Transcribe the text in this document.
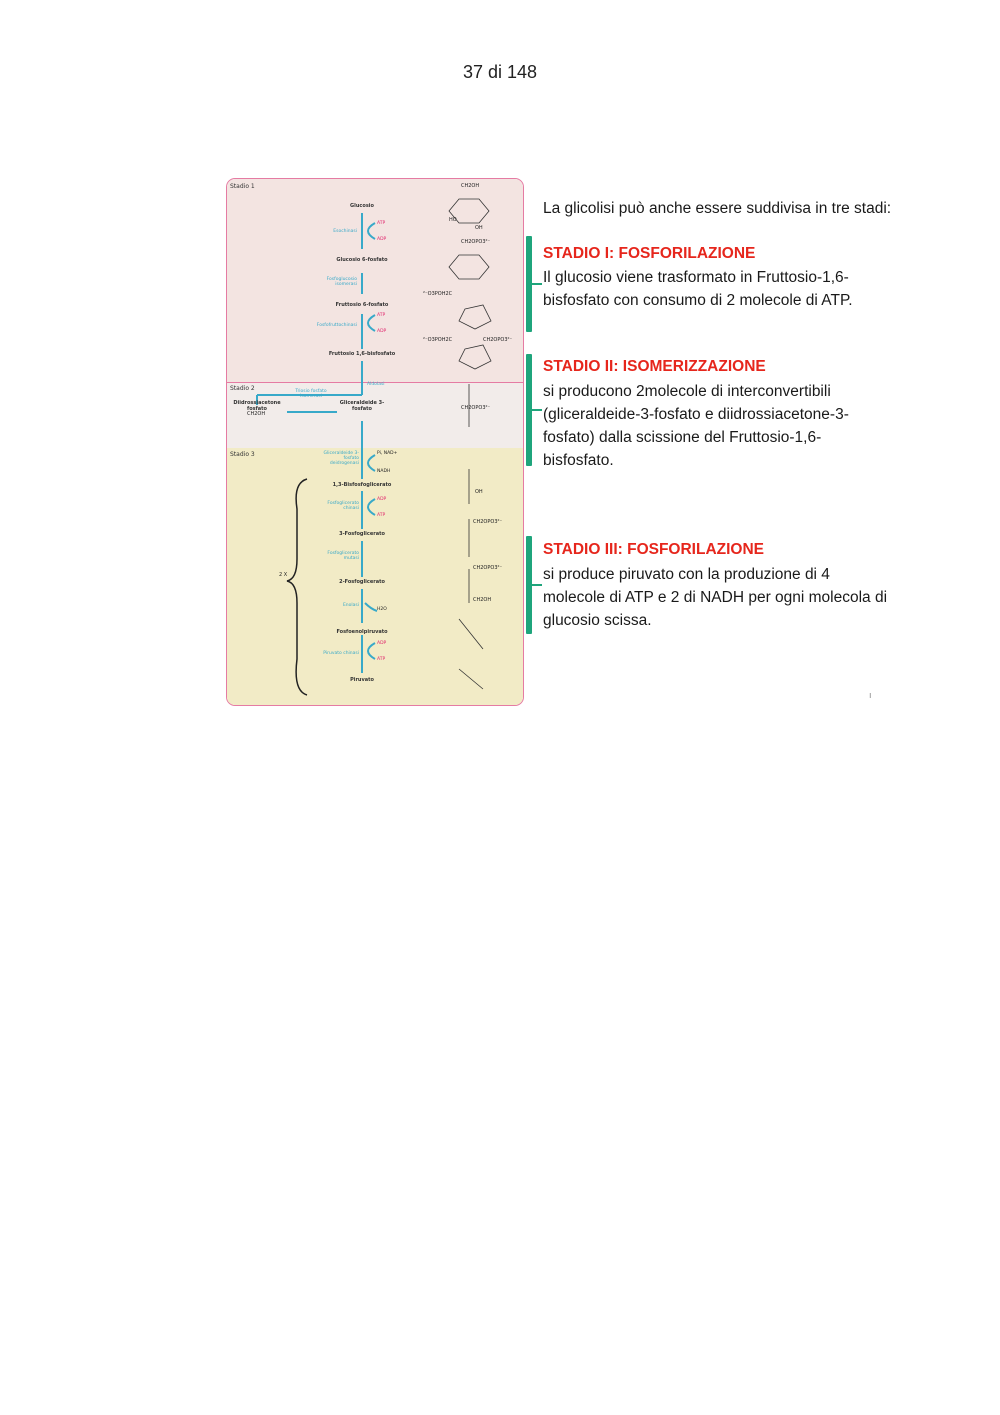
37 di 148
Stadio 1
Stadio 2
Stadio 3
Glucosio
Glucosio 6-fosfato
Fruttosio 6-fosfato
Fruttosio 1,6-bisfosfato
Diidrossiacetone fosfato
Gliceraldeide 3-fosfato
1,3-Bisfosfoglicerato
3-Fosfoglicerato
2-Fosfoglicerato
Fosfoenolpiruvato
Piruvato
Esochinasi
Fosfoglucosio isomerasi
Fosfofruttochinasi
Aldolasi
Triosio fosfato isomerasi
Gliceraldeide 3-fosfato deidrogenasi
Fosfoglicerato chinasi
Fosfoglicerato mutasi
Enolasi
Piruvato chinasi
ATP
ADP
ATP
ADP
Pi, NAD+
NADH
ADP
ATP
H2O
ADP
ATP
2 X
CH2OH
HO
OH
CH2OPO3²⁻
²⁻O3POH2C
²⁻O3POH2C	CH2OPO3²⁻
CH2OPO3²⁻
CH2OH
OH
CH2OPO3²⁻
CH2OPO3²⁻
CH2OH
La glicolisi può anche essere suddivisa in tre stadi:
STADIO I: FOSFORILAZIONE
Il glucosio viene trasformato in Fruttosio-1,6-
bisfosfato con consumo di 2 molecole di ATP.
STADIO II: ISOMERIZZAZIONE
si producono 2molecole di interconvertibili
(gliceraldeide-3-fosfato e diidrossiacetone-3-
fosfato) dalla scissione del Fruttosio-1,6-
bisfosfato.
STADIO III: FOSFORILAZIONE
si produce piruvato con la produzione di 4
molecole di ATP e 2 di NADH per ogni molecola di
glucosio scissa.
ı
